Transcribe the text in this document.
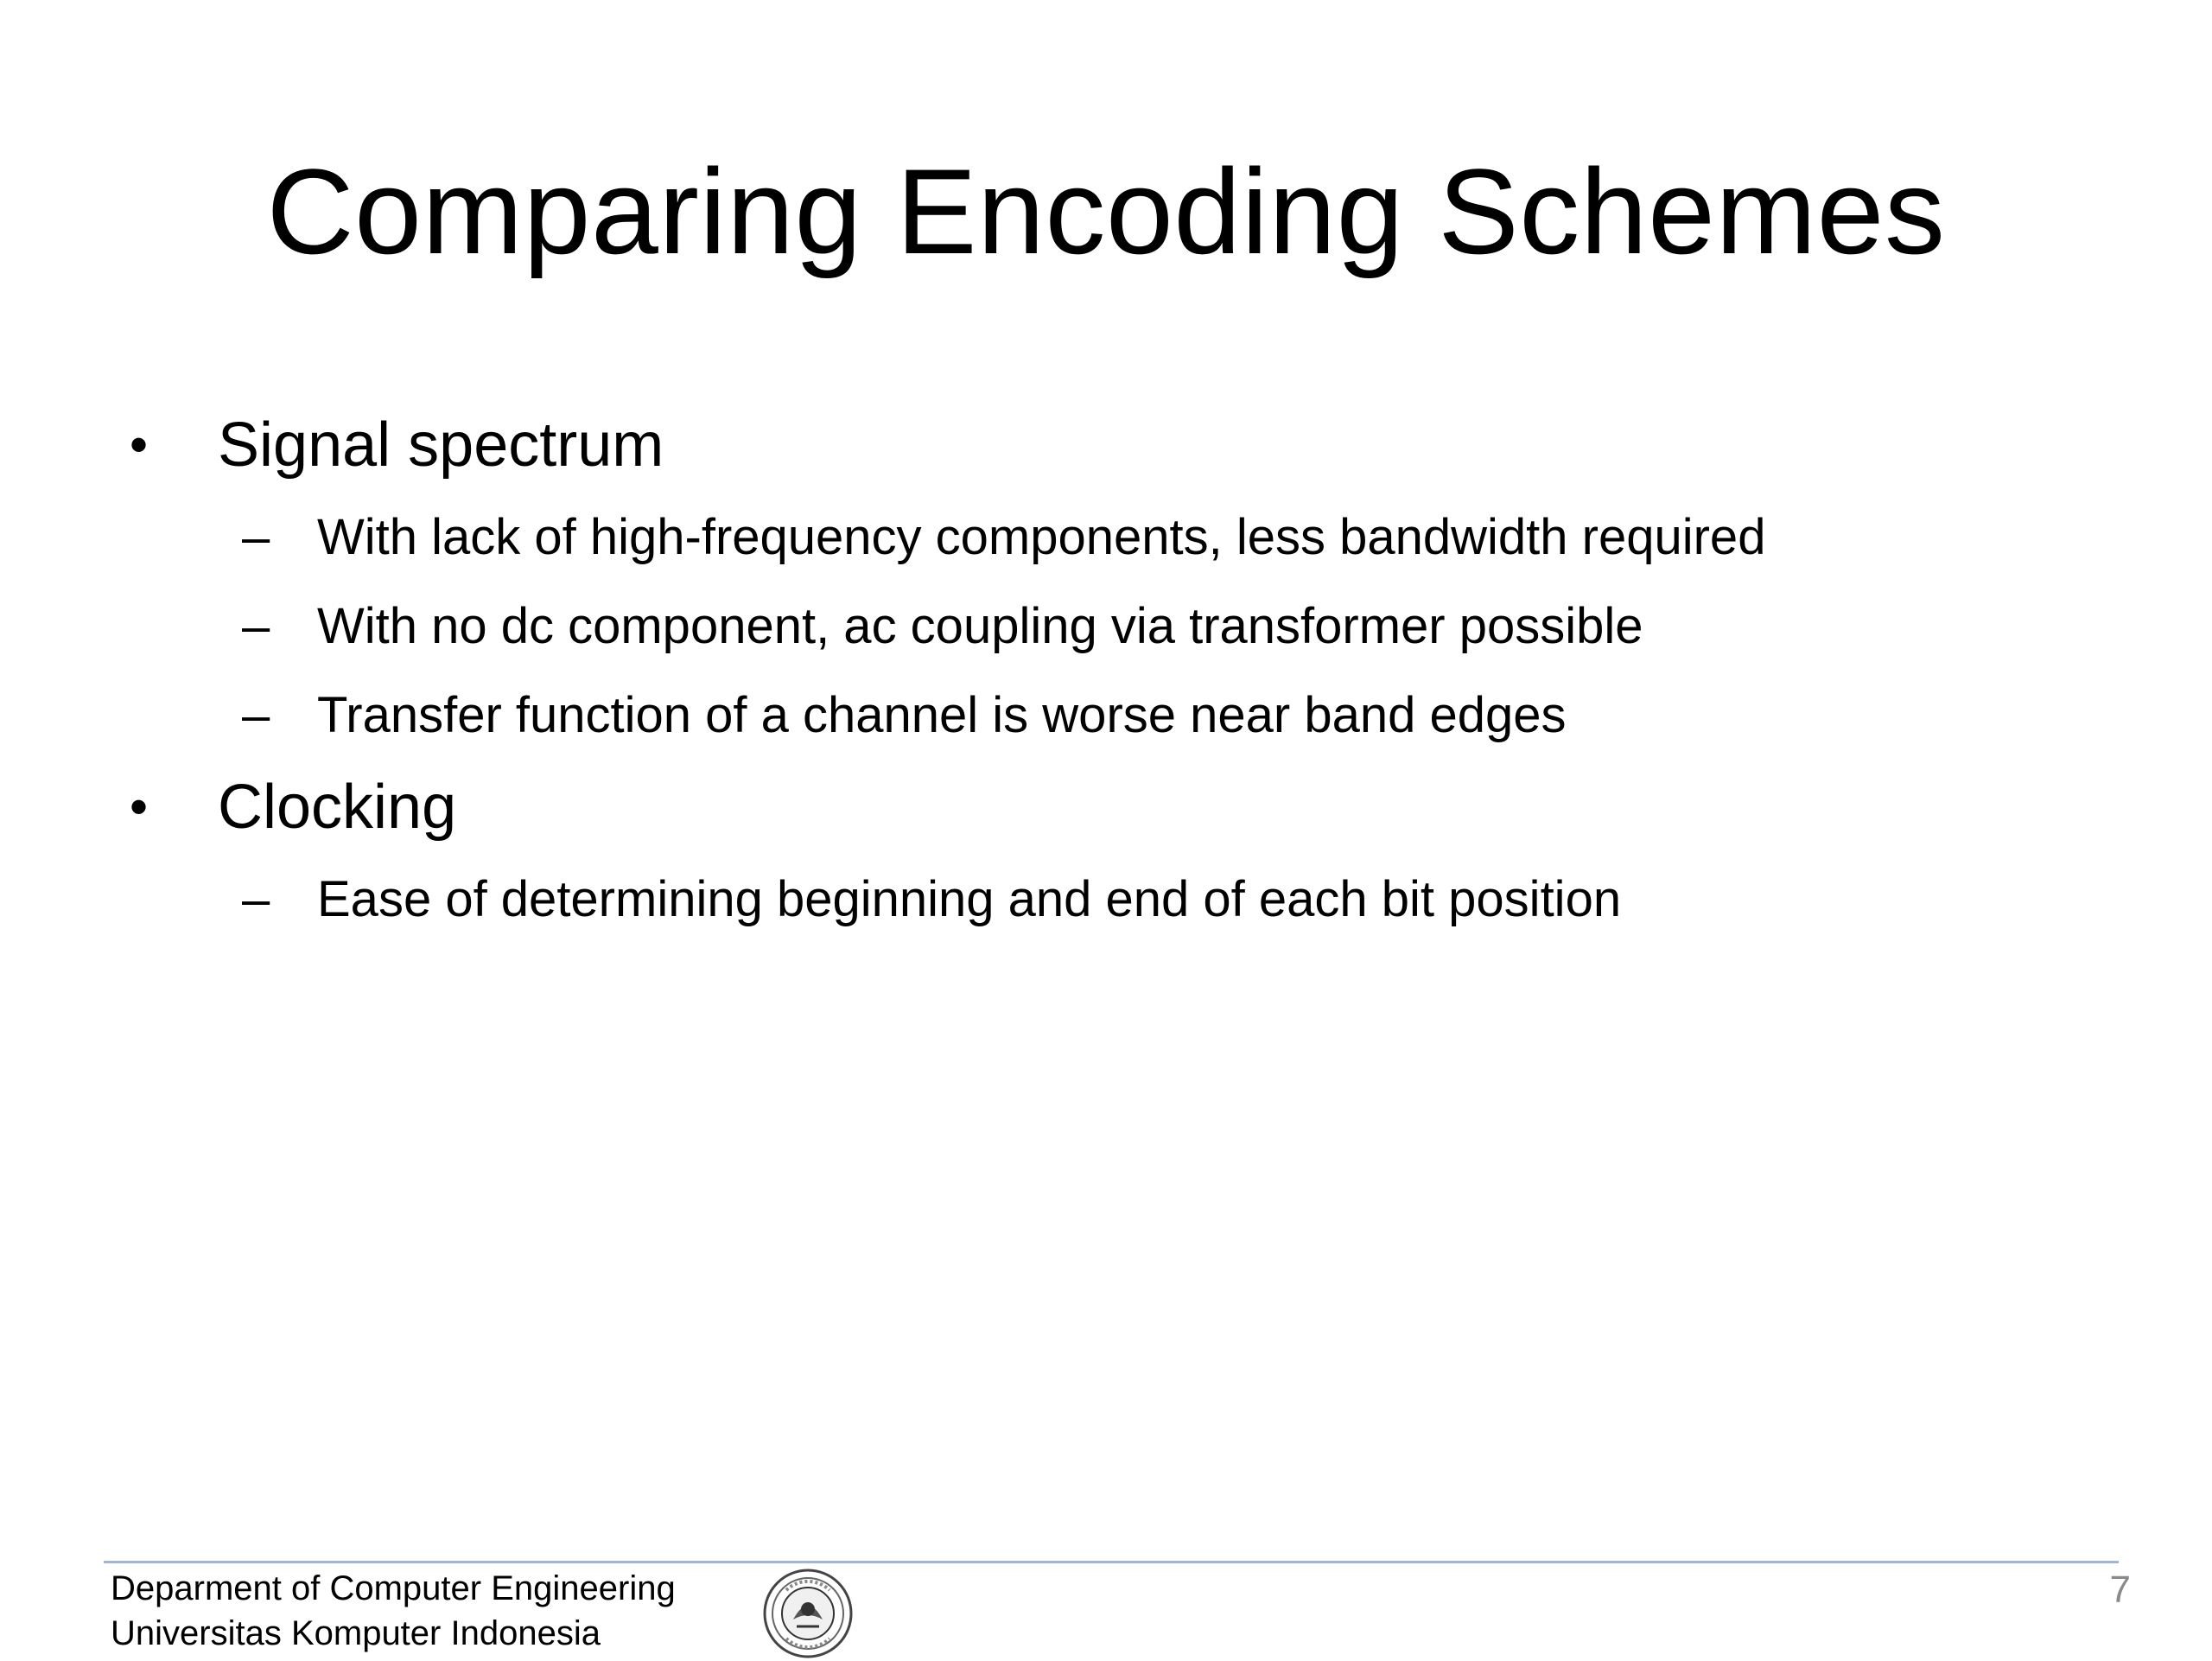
Comparing Encoding Schemes
• Signal spectrum
– With lack of high-frequency components, less bandwidth required
– With no dc component, ac coupling via transformer possible
– Transfer function of a channel is worse near band edges
• Clocking
– Ease of determining beginning and end of each bit position
Deparment of Computer Engineering
Universitas Komputer Indonesia
7
